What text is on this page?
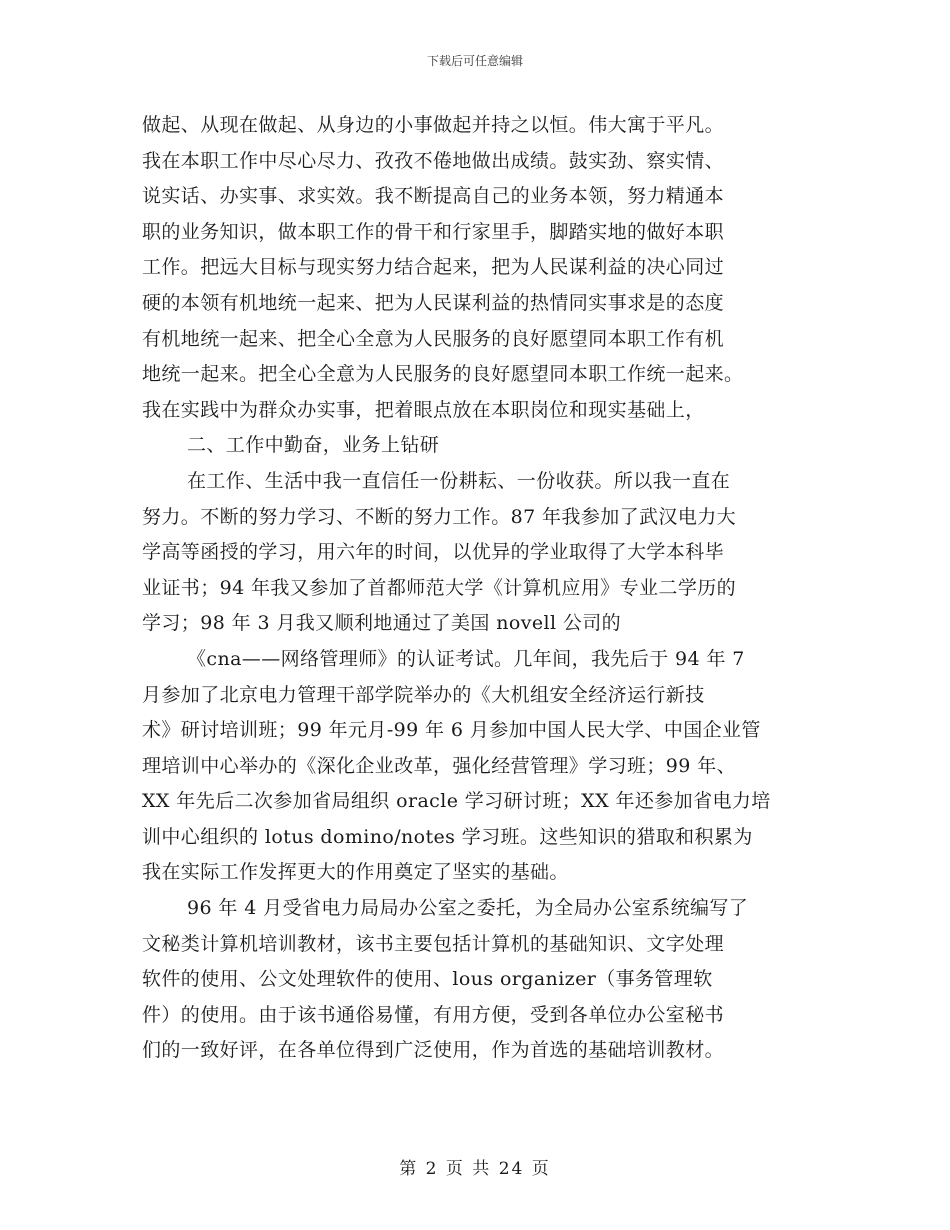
下载后可任意编辑
做起、从现在做起、从身边的小事做起并持之以恒。伟大寓于平凡。
我在本职工作中尽心尽力、孜孜不倦地做出成绩。鼓实劲、察实情、
说实话、办实事、求实效。我不断提高自己的业务本领，努力精通本
职的业务知识，做本职工作的骨干和行家里手，脚踏实地的做好本职
工作。把远大目标与现实努力结合起来，把为人民谋利益的决心同过
硬的本领有机地统一起来、把为人民谋利益的热情同实事求是的态度
有机地统一起来、把全心全意为人民服务的良好愿望同本职工作有机
地统一起来。把全心全意为人民服务的良好愿望同本职工作统一起来。
我在实践中为群众办实事，把着眼点放在本职岗位和现实基础上，
二、工作中勤奋，业务上钻研
在工作、生活中我一直信任一份耕耘、一份收获。所以我一直在
努力。不断的努力学习、不断的努力工作。87 年我参加了武汉电力大
学高等函授的学习，用六年的时间，以优异的学业取得了大学本科毕
业证书；94 年我又参加了首都师范大学《计算机应用》专业二学历的
学习；98 年 3 月我又顺利地通过了美国 novell 公司的
《cna——网络管理师》的认证考试。几年间，我先后于 94 年 7
月参加了北京电力管理干部学院举办的《大机组安全经济运行新技
术》研讨培训班；99 年元月-99 年 6 月参加中国人民大学、中国企业管
理培训中心举办的《深化企业改革，强化经营管理》学习班；99 年、
XX 年先后二次参加省局组织 oracle 学习研讨班；XX 年还参加省电力培
训中心组织的 lotus domino/notes 学习班。这些知识的猎取和积累为
我在实际工作发挥更大的作用奠定了坚实的基础。
96 年 4 月受省电力局局办公室之委托，为全局办公室系统编写了
文秘类计算机培训教材，该书主要包括计算机的基础知识、文字处理
软件的使用、公文处理软件的使用、lous organizer（事务管理软
件）的使用。由于该书通俗易懂，有用方便，受到各单位办公室秘书
们的一致好评，在各单位得到广泛使用，作为首选的基础培训教材。
第 2 页 共 24 页
